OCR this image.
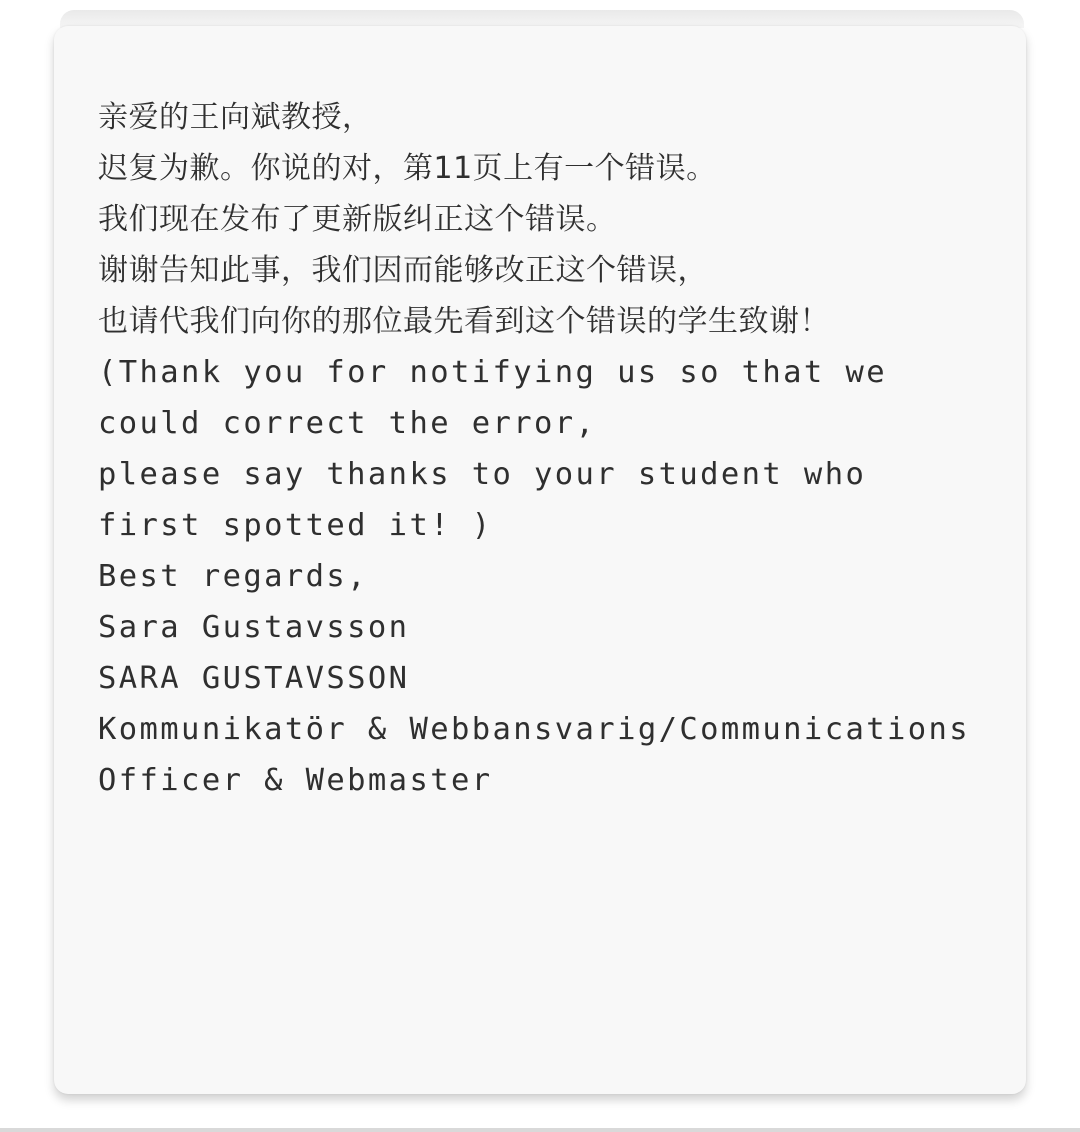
亲爱的王向斌教授，
迟复为歉。你说的对，第11页上有一个错误。
我们现在发布了更新版纠正这个错误。
谢谢告知此事，我们因而能够改正这个错误，
也请代我们向你的那位最先看到这个错误的学生致谢！
(Thank you for notifying us so that we
could correct the error,
please say thanks to your student who
first spotted it! )
Best regards,
Sara Gustavsson
SARA GUSTAVSSON
Kommunikatör & Webbansvarig/Communications
Officer & Webmaster
